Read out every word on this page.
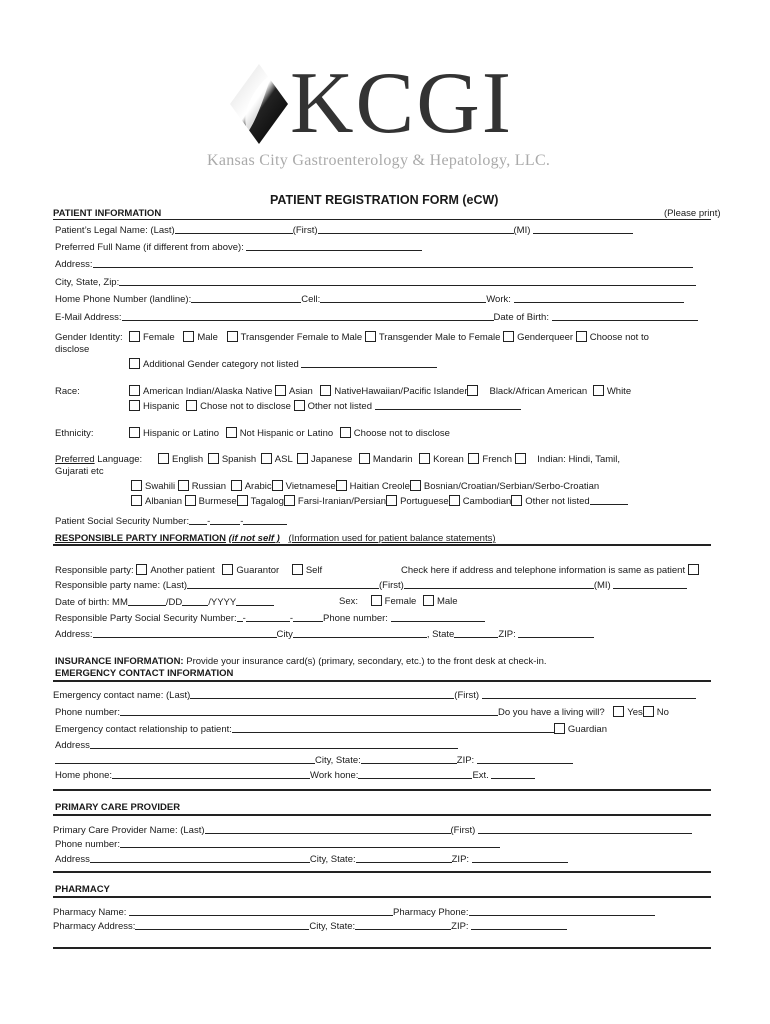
KCGI
Kansas City Gastroenterology & Hepatology, LLC.
PATIENT REGISTRATION FORM (eCW)
PATIENT INFORMATION	(Please print)
Patient’s Legal Name: (Last)	(First)	(MI)
Preferred Full Name (if different from above):
Address:
City, State, Zip:
Home Phone Number (landline):	Cell:	Work:
E-Mail Address:	Date of Birth:
Gender Identity:	Female Male Transgender Female to Male Transgender Male to Female Genderqueer Choose not to
disclose
Additional Gender category not listed
Race:	American Indian/Alaska Native Asian NativeHawaiian/Pacific Islander Black/African American White
Hispanic Chose not to disclose Other not listed
Ethnicity:	Hispanic or Latino Not Hispanic or Latino Choose not to disclose
Preferred Language:	English Spanish ASL Japanese Mandarin Korean French	Indian: Hindi, Tamil,
Gujarati etc
Swahili Russian Arabic Vietnamese Haitian Creole Bosnian/Croatian/Serbian/Serbo-Croatian
Albanian Burmese Tagalog Farsi-Iranian/Persian Portuguese Cambodian Other not listed
Patient Social Security Number: -	-
RESPONSIBLE PARTY INFORMATION (if not self ) (Information used for patient balance statements)
Responsible party: Another patient Guarantor	Self	Check here if address and telephone information is same as patient
Responsible party name: (Last)	(First)	(MI)
Date of birth: MM	/DD	/YYYY	Sex:	Female Male
Responsible Party Social Security Number: -	-	Phone number:
Address:	City	, State	ZIP:
INSURANCE INFORMATION: Provide your insurance card(s) (primary, secondary, etc.) to the front desk at check-in.
EMERGENCY CONTACT INFORMATION
Emergency contact name: (Last)	(First)
Phone number:	Do you have a living will? Yes No
Emergency contact relationship to patient:	Guardian
Address
City, State:	ZIP:
Home phone:	Work hone:	Ext.
PRIMARY CARE PROVIDER
Primary Care Provider Name: (Last)	(First)
Phone number:
Address	City, State:	ZIP:
PHARMACY
Pharmacy Name:	Pharmacy Phone:
Pharmacy Address:	City, State:	ZIP:
